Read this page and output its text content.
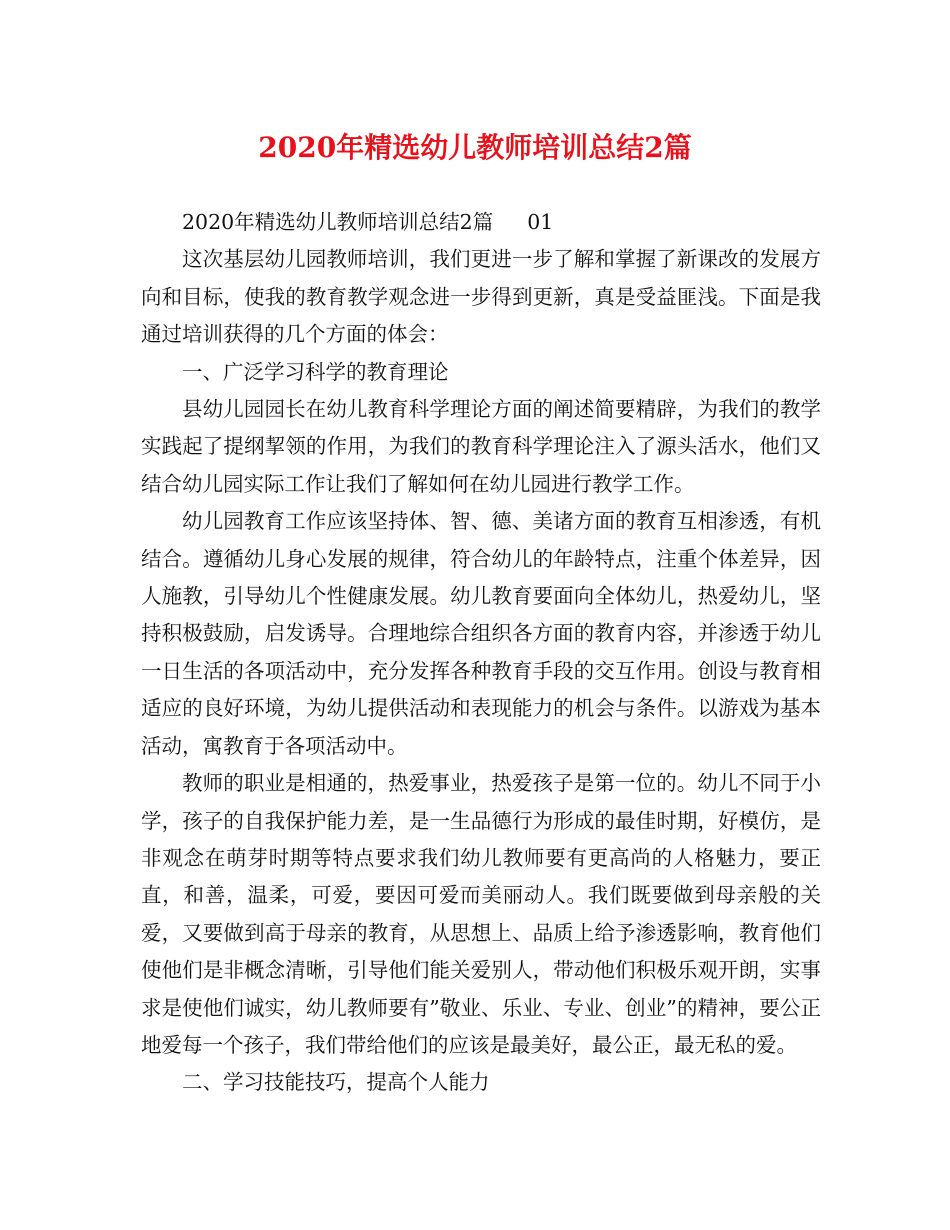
2020年精选幼儿教师培训总结2篇

2020年精选幼儿教师培训总结2篇 01

这次基层幼儿园教师培训，我们更进一步了解和掌握了新课改的发展方向和目标，使我的教育教学观念进一步得到更新，真是受益匪浅。下面是我通过培训获得的几个方面的体会：

一、广泛学习科学的教育理论

县幼儿园园长在幼儿教育科学理论方面的阐述简要精辟，为我们的教学实践起了提纲挈领的作用，为我们的教育科学理论注入了源头活水，他们又结合幼儿园实际工作让我们了解如何在幼儿园进行教学工作。

幼儿园教育工作应该坚持体、智、德、美诸方面的教育互相渗透，有机结合。遵循幼儿身心发展的规律，符合幼儿的年龄特点，注重个体差异，因人施教，引导幼儿个性健康发展。幼儿教育要面向全体幼儿，热爱幼儿，坚持积极鼓励，启发诱导。合理地综合组织各方面的教育内容，并渗透于幼儿一日生活的各项活动中，充分发挥各种教育手段的交互作用。创设与教育相适应的良好环境，为幼儿提供活动和表现能力的机会与条件。以游戏为基本活动，寓教育于各项活动中。

教师的职业是相通的，热爱事业，热爱孩子是第一位的。幼儿不同于小学，孩子的自我保护能力差，是一生品德行为形成的最佳时期，好模仿，是非观念在萌芽时期等特点要求我们幼儿教师要有更高尚的人格魅力，要正直，和善，温柔，可爱，要因可爱而美丽动人。我们既要做到母亲般的关爱，又要做到高于母亲的教育，从思想上、品质上给予渗透影响，教育他们使他们是非概念清晰，引导他们能关爱别人，带动他们积极乐观开朗，实事求是使他们诚实，幼儿教师要有”敬业、乐业、专业、创业”的精神，要公正地爱每一个孩子，我们带给他们的应该是最美好，最公正，最无私的爱。

二、学习技能技巧，提高个人能力
